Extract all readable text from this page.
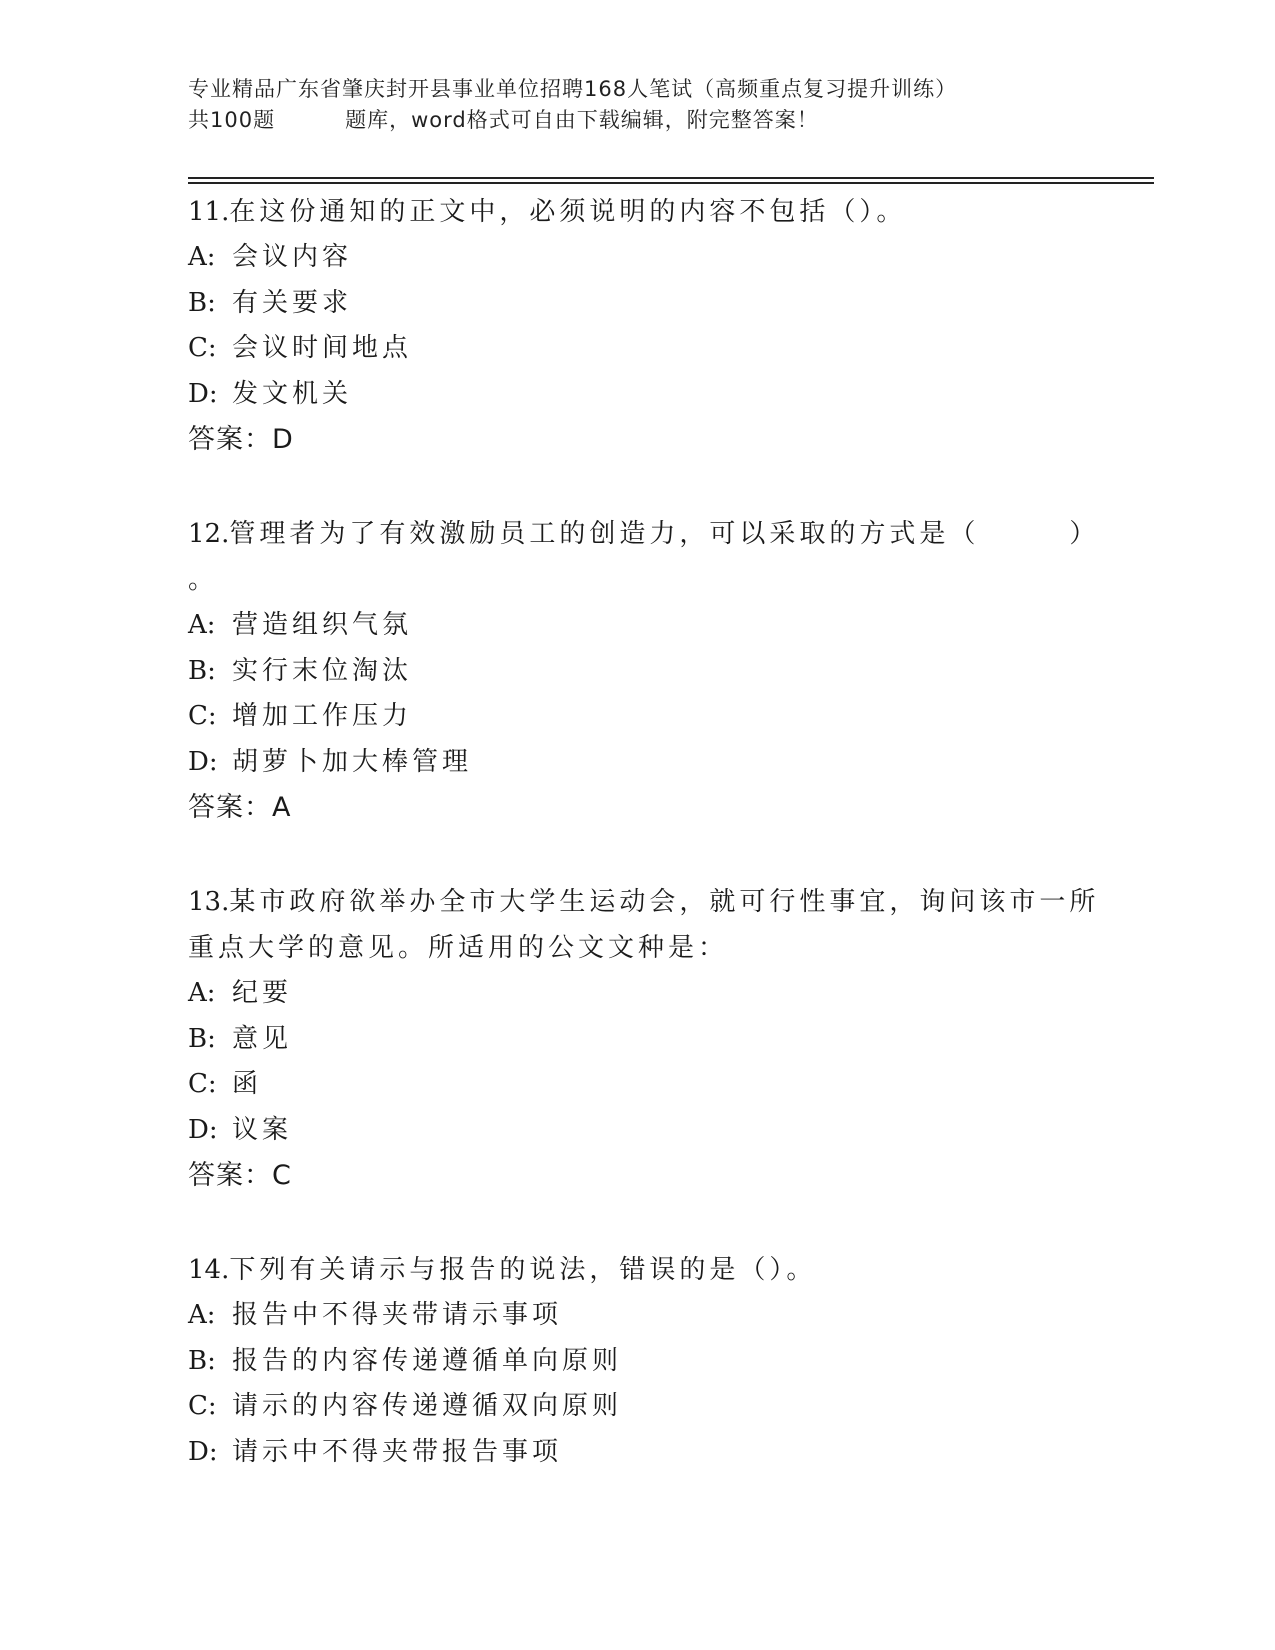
专业精品广东省肇庆封开县事业单位招聘168人笔试（高频重点复习提升训练）
共100题	题库，word格式可自由下载编辑，附完整答案！
11.在这份通知的正文中，必须说明的内容不包括（）。
A: 会议内容
B: 有关要求
C: 会议时间地点
D: 发文机关
答案：D
12.管理者为了有效激励员工的创造力，可以采取的方式是（　　　）
。
A: 营造组织气氛
B: 实行末位淘汰
C: 增加工作压力
D: 胡萝卜加大棒管理
答案：A
13.某市政府欲举办全市大学生运动会，就可行性事宜，询问该市一所
重点大学的意见。所适用的公文文种是：
A: 纪要
B: 意见
C: 函
D: 议案
答案：C
14.下列有关请示与报告的说法，错误的是（）。
A: 报告中不得夹带请示事项
B: 报告的内容传递遵循单向原则
C: 请示的内容传递遵循双向原则
D: 请示中不得夹带报告事项
